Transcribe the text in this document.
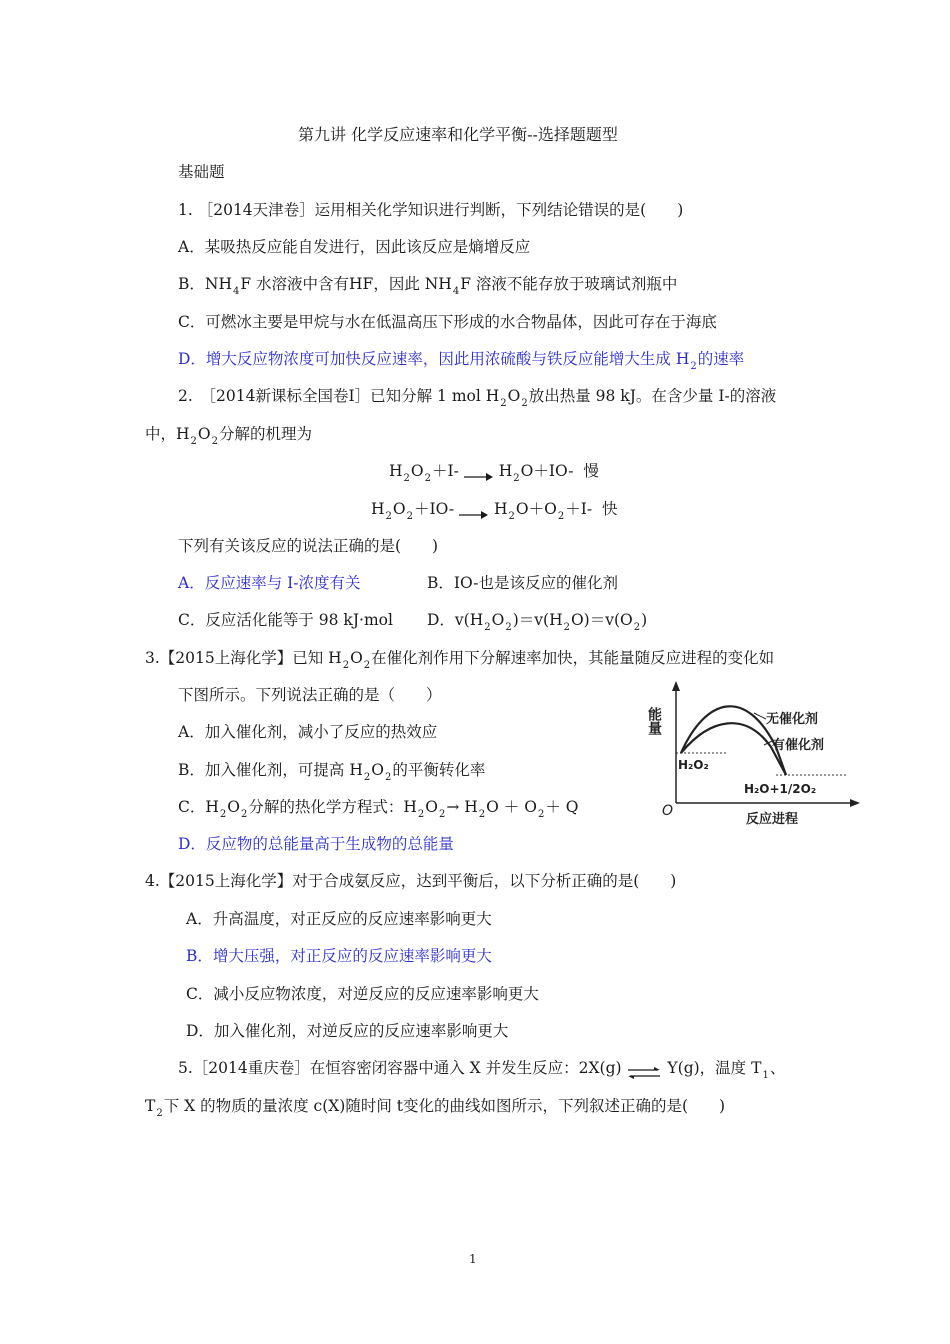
第九讲 化学反应速率和化学平衡--选择题题型
基础题
1. ［2014天津卷］运用相关化学知识进行判断，下列结论错误的是(　　)
A．某吸热反应能自发进行，因此该反应是熵增反应
B．$NH_4F$ 水溶液中含有HF，因此 $NH_4F$ 溶液不能存放于玻璃试剂瓶中
C．可燃冰主要是甲烷与水在低温高压下形成的水合物晶体，因此可存在于海底
D．增大反应物浓度可加快反应速率，因此用浓硫酸与铁反应能增大生成 $H_2$的速率
2.　［2014新课标全国卷Ⅰ］已知分解 1 mol $H_2O_2$放出热量 98 kJ。在含少量 I-的溶液
中，$H_2O_2$分解的机理为
$H_2O_2+I- \to H_2O+IO-$ 慢
$H_2O_2+IO- \to H_2O+O_2+I-$ 快
下列有关该反应的说法正确的是(　　)
A．反应速率与 I-浓度有关	B．IO-也是该反应的催化剂
C．反应活化能等于 98 kJ·mol D．$v(H_2O_2)=v(H_2O)=v(O_2)$
3.【2015上海化学】已知 $H_2O_2$在催化剂作用下分解速率加快，其能量随反应进程的变化如
下图所示。下列说法正确的是（　　）
A．加入催化剂，减小了反应的热效应
B．加入催化剂，可提高 $H_2O_2$的平衡转化率
C．$H_2O_2$分解的热化学方程式：$H_2O_2\to H_2O + O_2+ Q$
D．反应物的总能量高于生成物的总能量
能量
O
反应进程
无催化剂
有催化剂
H₂O₂
H₂O+1/2O₂
4.【2015上海化学】对于合成氨反应，达到平衡后，以下分析正确的是(　　)
A．升高温度，对正反应的反应速率影响更大
B．增大压强，对正反应的反应速率影响更大
C．减小反应物浓度，对逆反应的反应速率影响更大
D．加入催化剂，对逆反应的反应速率影响更大
5.［2014重庆卷］在恒容密闭容器中通入 X 并发生反应：2X(g) ⇌ Y(g)，温度 $T_1$、
$T_2$下 X 的物质的量浓度 c(X)随时间 t变化的曲线如图所示，下列叙述正确的是(　　)
1
